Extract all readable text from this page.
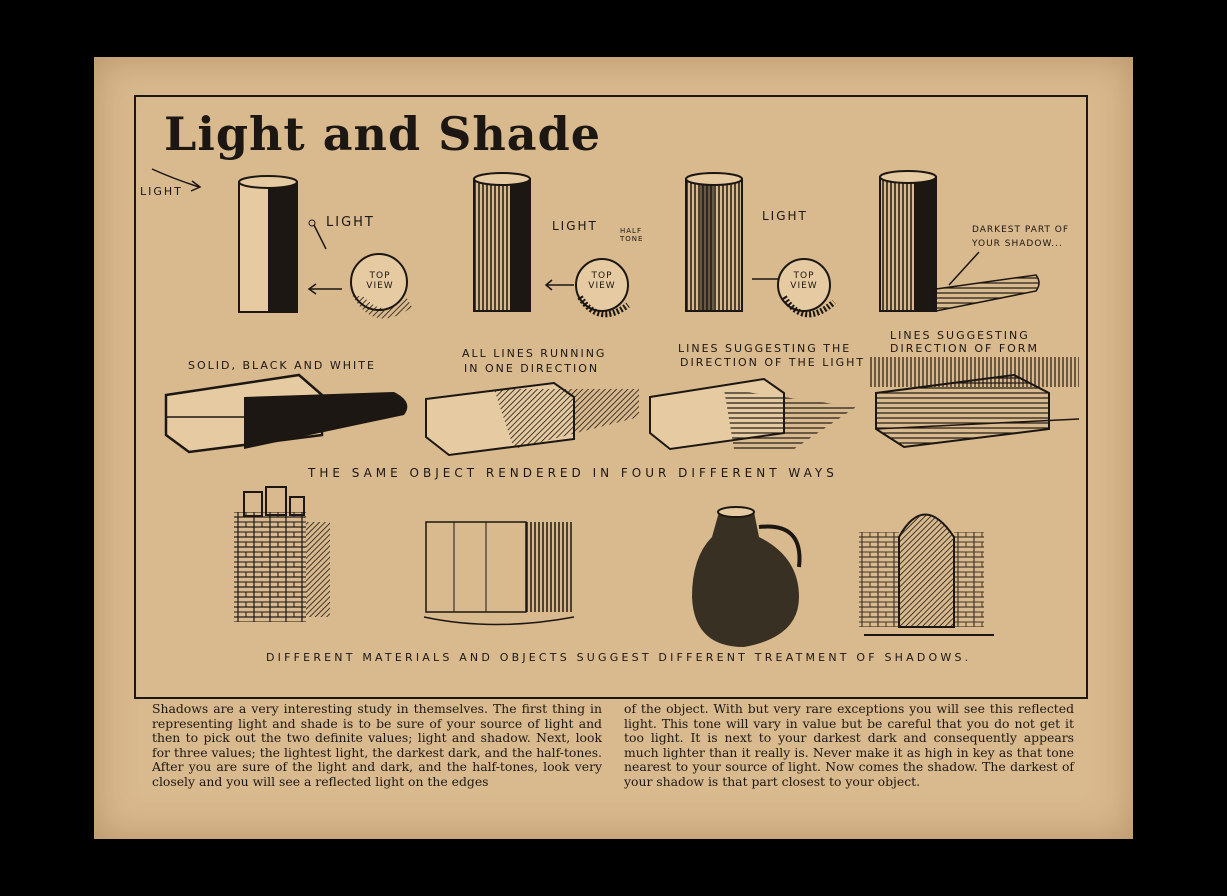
Light and Shade
LIGHT
LIGHT
TOP VIEW
LIGHT	HALF TONE
TOP VIEW
LIGHT
TOP VIEW
DARKEST PART OF YOUR SHADOW...
SOLID, BLACK AND WHITE
ALL LINES RUNNING
IN ONE DIRECTION
LINES SUGGESTING THE
DIRECTION OF THE LIGHT
LINES SUGGESTING
DIRECTION OF FORM
THE SAME OBJECT RENDERED IN FOUR DIFFERENT WAYS
DIFFERENT MATERIALS AND OBJECTS SUGGEST DIFFERENT TREATMENT OF SHADOWS.

Shadows are a very interesting study in themselves. The first thing in representing light and shade is to be sure of your source of light and then to pick out the two definite values; light and shadow. Next, look for three values; the lightest light, the darkest dark, and the half-tones. After you are sure of the light and dark, and the half-tones, look very closely and you will see a reflected light on the edges

of the object. With but very rare exceptions you will see this reflected light. This tone will vary in value but be careful that you do not get it too light. It is next to your darkest dark and consequently appears much lighter than it really is. Never make it as high in key as that tone nearest to your source of light. Now comes the shadow. The darkest of your shadow is that part closest to your object.
